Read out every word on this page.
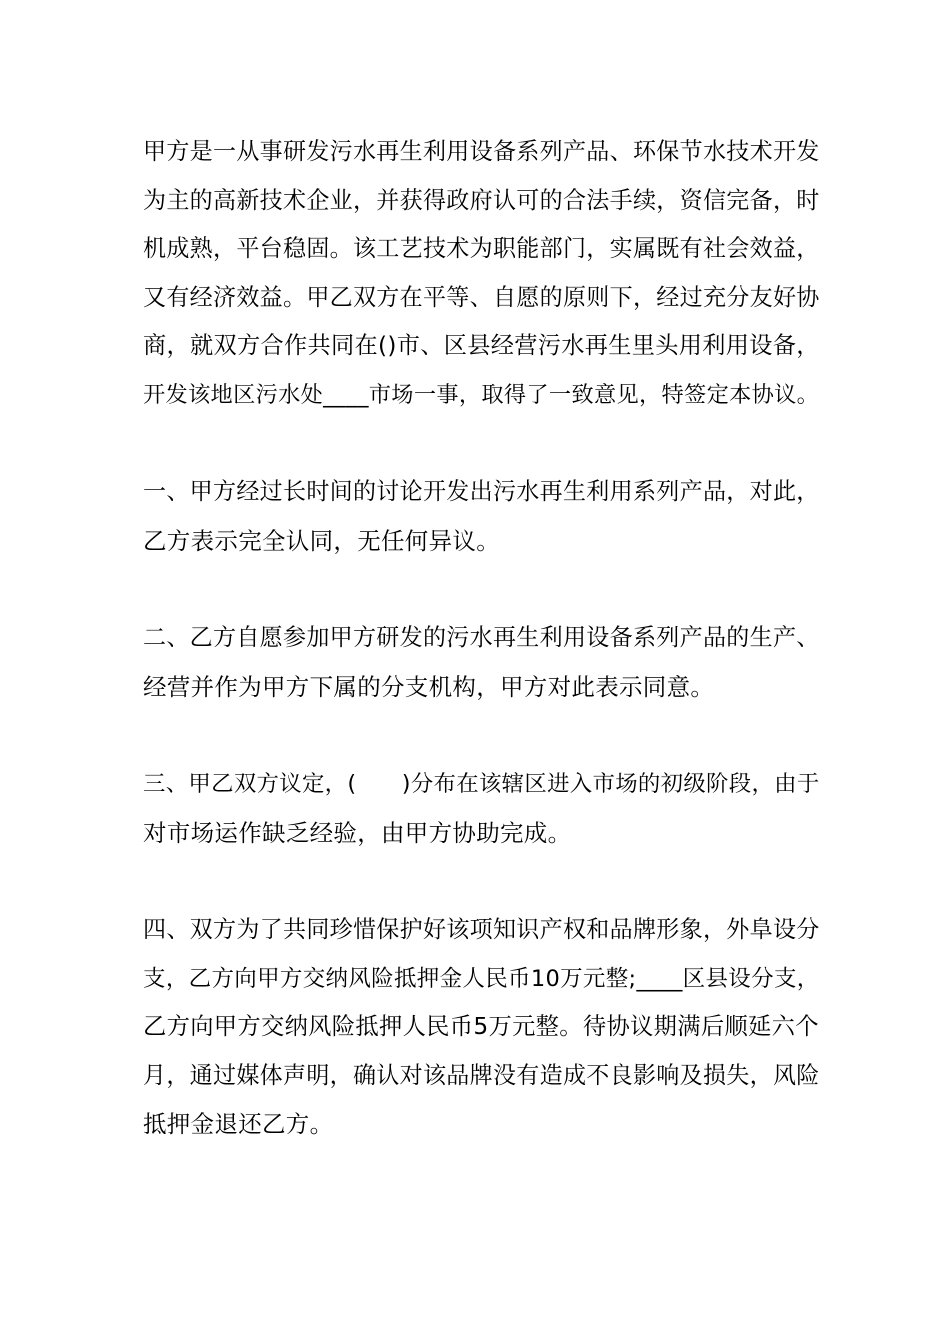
甲方是一从事研发污水再生利用设备系列产品、环保节水技术开发
为主的高新技术企业，并获得政府认可的合法手续，资信完备，时
机成熟，平台稳固。该工艺技术为职能部门，实属既有社会效益，
又有经济效益。甲乙双方在平等、自愿的原则下，经过充分友好协
商，就双方合作共同在()市、区县经营污水再生里头用利用设备，
开发该地区污水处____市场一事，取得了一致意见，特签定本协议。

一、甲方经过长时间的讨论开发出污水再生利用系列产品，对此，
乙方表示完全认同，无任何异议。

二、乙方自愿参加甲方研发的污水再生利用设备系列产品的生产、
经营并作为甲方下属的分支机构，甲方对此表示同意。

三、甲乙双方议定，(　　)分布在该辖区进入市场的初级阶段，由于
对市场运作缺乏经验，由甲方协助完成。

四、双方为了共同珍惜保护好该项知识产权和品牌形象，外阜设分
支，乙方向甲方交纳风险抵押金人民币10万元整;____区县设分支，
乙方向甲方交纳风险抵押人民币5万元整。待协议期满后顺延六个
月，通过媒体声明，确认对该品牌没有造成不良影响及损失，风险
抵押金退还乙方。
